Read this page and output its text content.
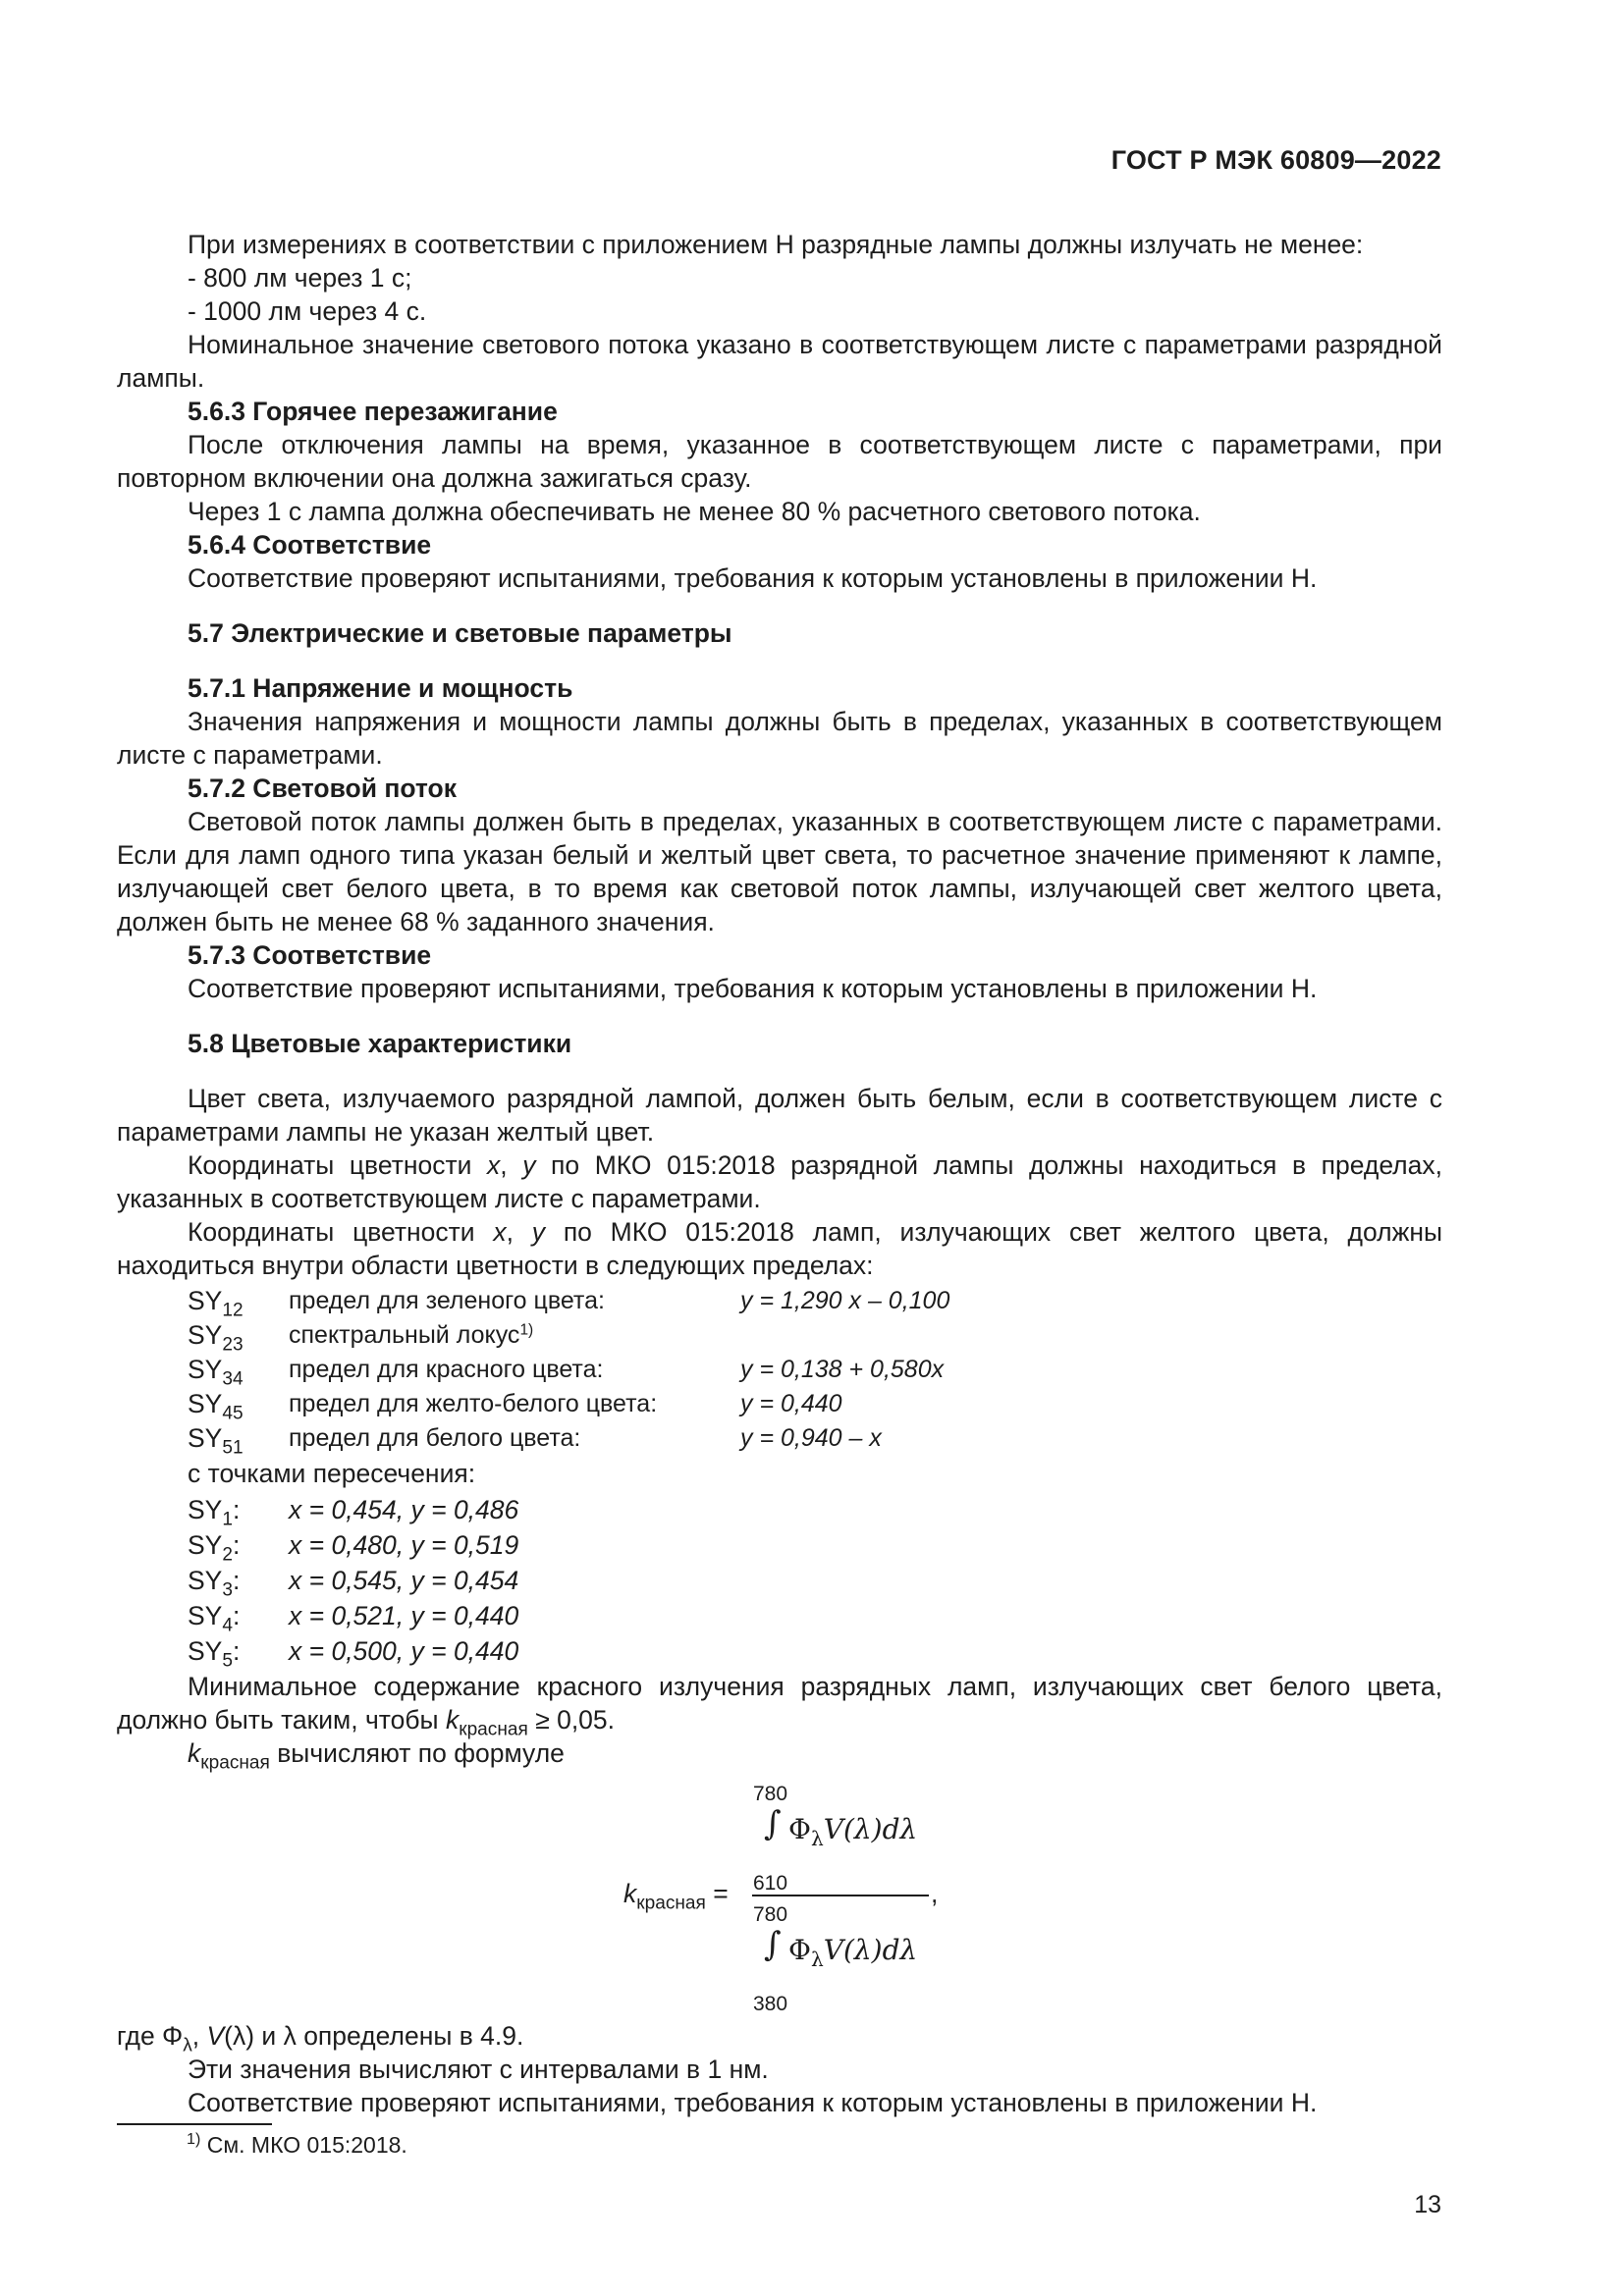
ГОСТ Р МЭК 60809—2022

При измерениях в соответствии с приложением Н разрядные лампы должны излучать не менее:

- 800 лм через 1 с;

- 1000 лм через 4 с.

Номинальное значение светового потока указано в соответствующем листе с параметрами разрядной лампы.

5.6.3 Горячее перезажигание

После отключения лампы на время, указанное в соответствующем листе с параметрами, при повторном включении она должна зажигаться сразу.

Через 1 с лампа должна обеспечивать не менее 80 % расчетного светового потока.

5.6.4 Соответствие

Соответствие проверяют испытаниями, требования к которым установлены в приложении Н.

5.7 Электрические и световые параметры

5.7.1 Напряжение и мощность

Значения напряжения и мощности лампы должны быть в пределах, указанных в соответствующем листе с параметрами.

5.7.2 Световой поток

Световой поток лампы должен быть в пределах, указанных в соответствующем листе с параметрами. Если для ламп одного типа указан белый и желтый цвет света, то расчетное значение применяют к лампе, излучающей свет белого цвета, в то время как световой поток лампы, излучающей свет желтого цвета, должен быть не менее 68 % заданного значения.

5.7.3 Соответствие

Соответствие проверяют испытаниями, требования к которым установлены в приложении Н.

5.8 Цветовые характеристики

Цвет света, излучаемого разрядной лампой, должен быть белым, если в соответствующем листе с параметрами лампы не указан желтый цвет.

Координаты цветности x, y по МКО 015:2018 разрядной лампы должны находиться в пределах, указанных в соответствующем листе с параметрами.

Координаты цветности x, y по МКО 015:2018 ламп, излучающих свет желтого цвета, должны находиться внутри области цветности в следующих пределах:

$SY_{12}$ предел для зеленого цвета:	y = 1,290 x – 0,100
$SY_{23}$ спектральный локус$^{1)}$
$SY_{34}$ предел для красного цвета:	y = 0,138 + 0,580x
$SY_{45}$ предел для желто-белого цвета:	y = 0,440
$SY_{51}$ предел для белого цвета:	y = 0,940 – x

с точками пересечения:

$SY_1$: x = 0,454, y = 0,486
$SY_2$: x = 0,480, y = 0,519
$SY_3$: x = 0,545, y = 0,454
$SY_4$: x = 0,521, y = 0,440
$SY_5$: x = 0,500, y = 0,440

Минимальное содержание красного излучения разрядных ламп, излучающих свет белого цвета, должно быть таким, чтобы $k_{красная} \ge 0,05$.

$k_{красная}$ вычисляют по формуле

$k_{красная}$ =
780
∫ $\Phi_\lambda V(\lambda)d\lambda$
610	,
780
∫ $\Phi_\lambda V(\lambda)d\lambda$
380

где $\Phi_\lambda$, V(λ) и λ определены в 4.9.

Эти значения вычисляют с интервалами в 1 нм.

Соответствие проверяют испытаниями, требования к которым установлены в приложении Н.

$^{1)}$ См. МКО 015:2018.
13
